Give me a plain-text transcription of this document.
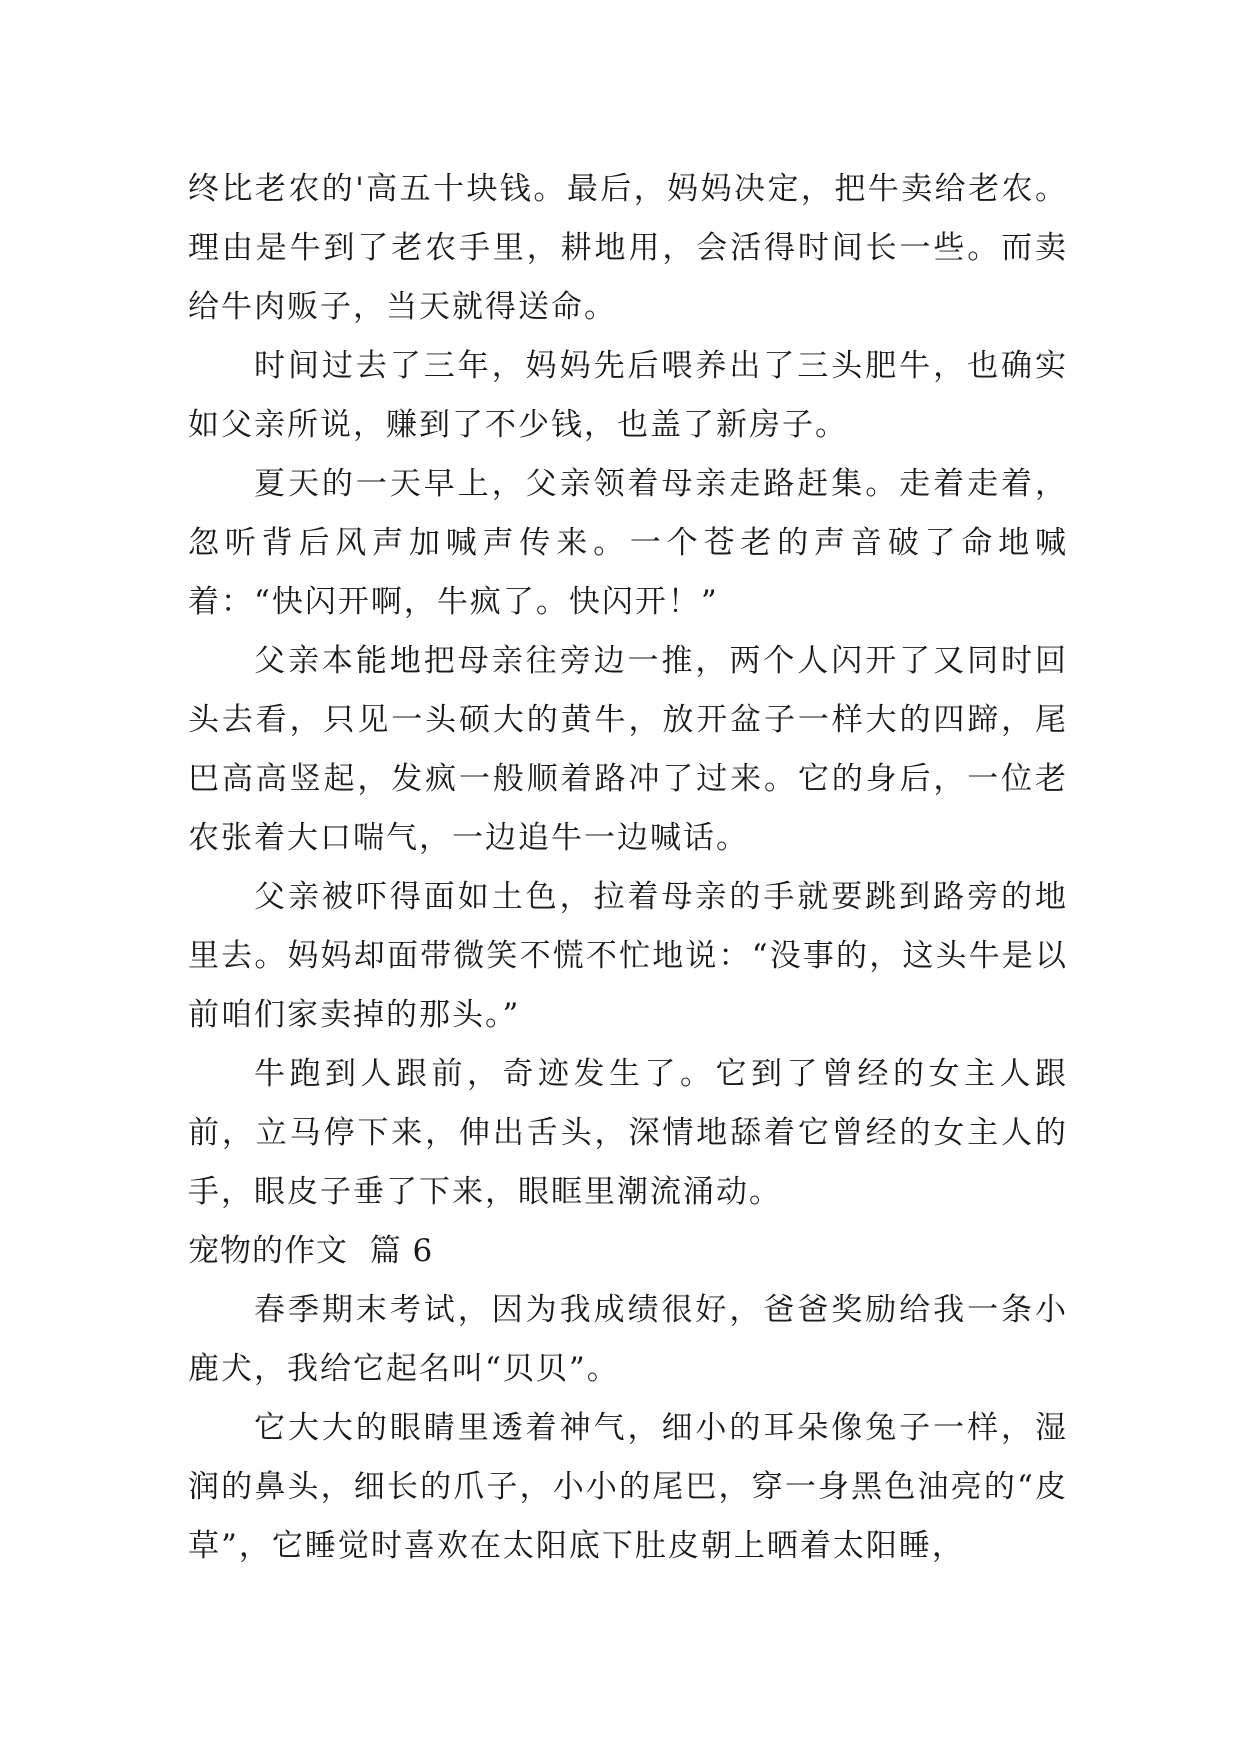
终比老农的'高五十块钱。最后，妈妈决定，把牛卖给老农。理由是牛到了老农手里，耕地用，会活得时间长一些。而卖给牛肉贩子，当天就得送命。

时间过去了三年，妈妈先后喂养出了三头肥牛，也确实如父亲所说，赚到了不少钱，也盖了新房子。

夏天的一天早上，父亲领着母亲走路赶集。走着走着，忽听背后风声加喊声传来。一个苍老的声音破了命地喊着：“快闪开啊，牛疯了。快闪开！”

父亲本能地把母亲往旁边一推，两个人闪开了又同时回头去看，只见一头硕大的黄牛，放开盆子一样大的四蹄，尾巴高高竖起，发疯一般顺着路冲了过来。它的身后，一位老农张着大口喘气，一边追牛一边喊话。

父亲被吓得面如土色，拉着母亲的手就要跳到路旁的地里去。妈妈却面带微笑不慌不忙地说：“没事的，这头牛是以前咱们家卖掉的那头。”

牛跑到人跟前，奇迹发生了。它到了曾经的女主人跟前，立马停下来，伸出舌头，深情地舔着它曾经的女主人的手，眼皮子垂了下来，眼眶里潮流涌动。

宠物的作文  篇 6

春季期末考试，因为我成绩很好，爸爸奖励给我一条小鹿犬，我给它起名叫“贝贝”。

它大大的眼睛里透着神气，细小的耳朵像兔子一样，湿润的鼻头，细长的爪子，小小的尾巴，穿一身黑色油亮的“皮草”，它睡觉时喜欢在太阳底下肚皮朝上晒着太阳睡，
